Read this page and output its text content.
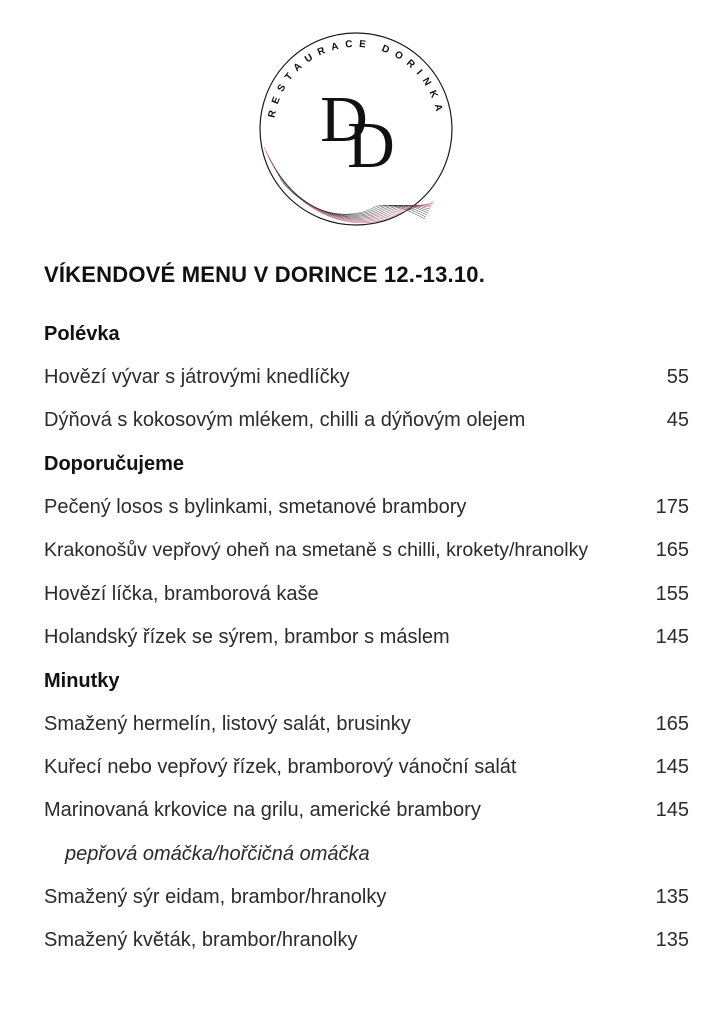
RESTAURACE DORINKA
D
D
VÍKENDOVÉ MENU V DORINCE 12.-13.10.
Polévka
Hovězí vývar s játrovými knedlíčky	55
Dýňová s kokosovým mlékem, chilli a dýňovým olejem	45
Doporučujeme
Pečený losos s bylinkami, smetanové brambory	175
Krakonošův vepřový oheň na smetaně s chilli, krokety/hranolky	165
Hovězí líčka, bramborová kaše	155
Holandský řízek se sýrem, brambor s máslem	145
Minutky
Smažený hermelín, listový salát, brusinky	165
Kuřecí nebo vepřový řízek, bramborový vánoční salát	145
Marinovaná krkovice na grilu, americké brambory	145
pepřová omáčka/hořčičná omáčka
Smažený sýr eidam, brambor/hranolky	135
Smažený květák, brambor/hranolky	135
